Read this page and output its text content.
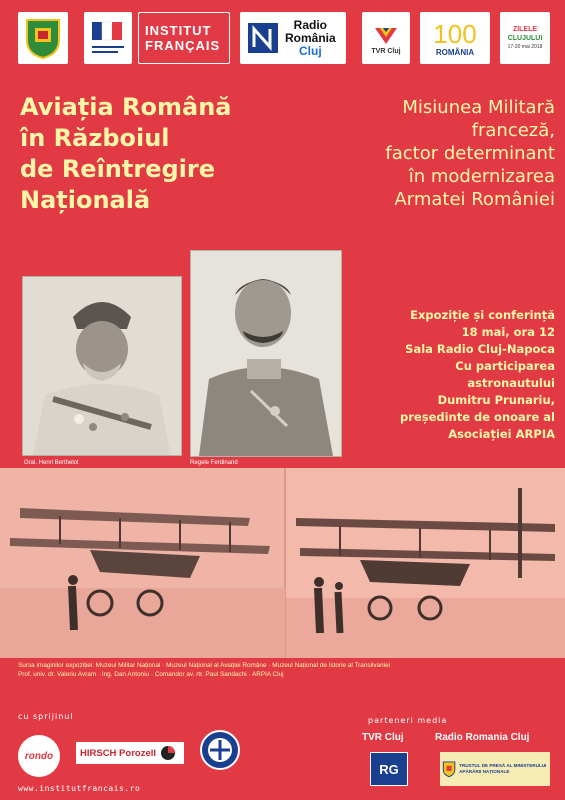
INSTITUT
FRANÇAIS
Radio
România
Cluj	TVR Cluj
100
ROMÂNIA
ZILELE
CLUJULUI
17-20 mai 2018
Aviația Română
în Războiul
de Reîntregire
Națională
Misiunea Militară
franceză,
factor determinant
în modernizarea
Armatei României
Gral. Henri Berthelot	Regele Ferdinand
Expoziție și conferință
18 mai, ora 12
Sala Radio Cluj-Napoca
Cu participarea
astronautului
Dumitru Prunariu,
președinte de onoare al
Asociației ARPIA
Sursa imaginilor expoziției: Muzeul Militar Național · Muzeul Național al Aviației Române · Muzeul Național de Istorie al Transilvaniei
Prof. univ. dr. Valeriu Avram · Ing. Dan Antoniu · Comandor av. rtr. Paul Sandachi · ARPIA Cluj
cu sprijinul
rondo	HIRSCH Porozell
parteneri media
TVR Cluj	Radio Romania Cluj
RG	TRUSTUL DE PRESĂ AL MINISTERULUI APĂRĂRII NAȚIONALE
www.institutfrancais.ro
